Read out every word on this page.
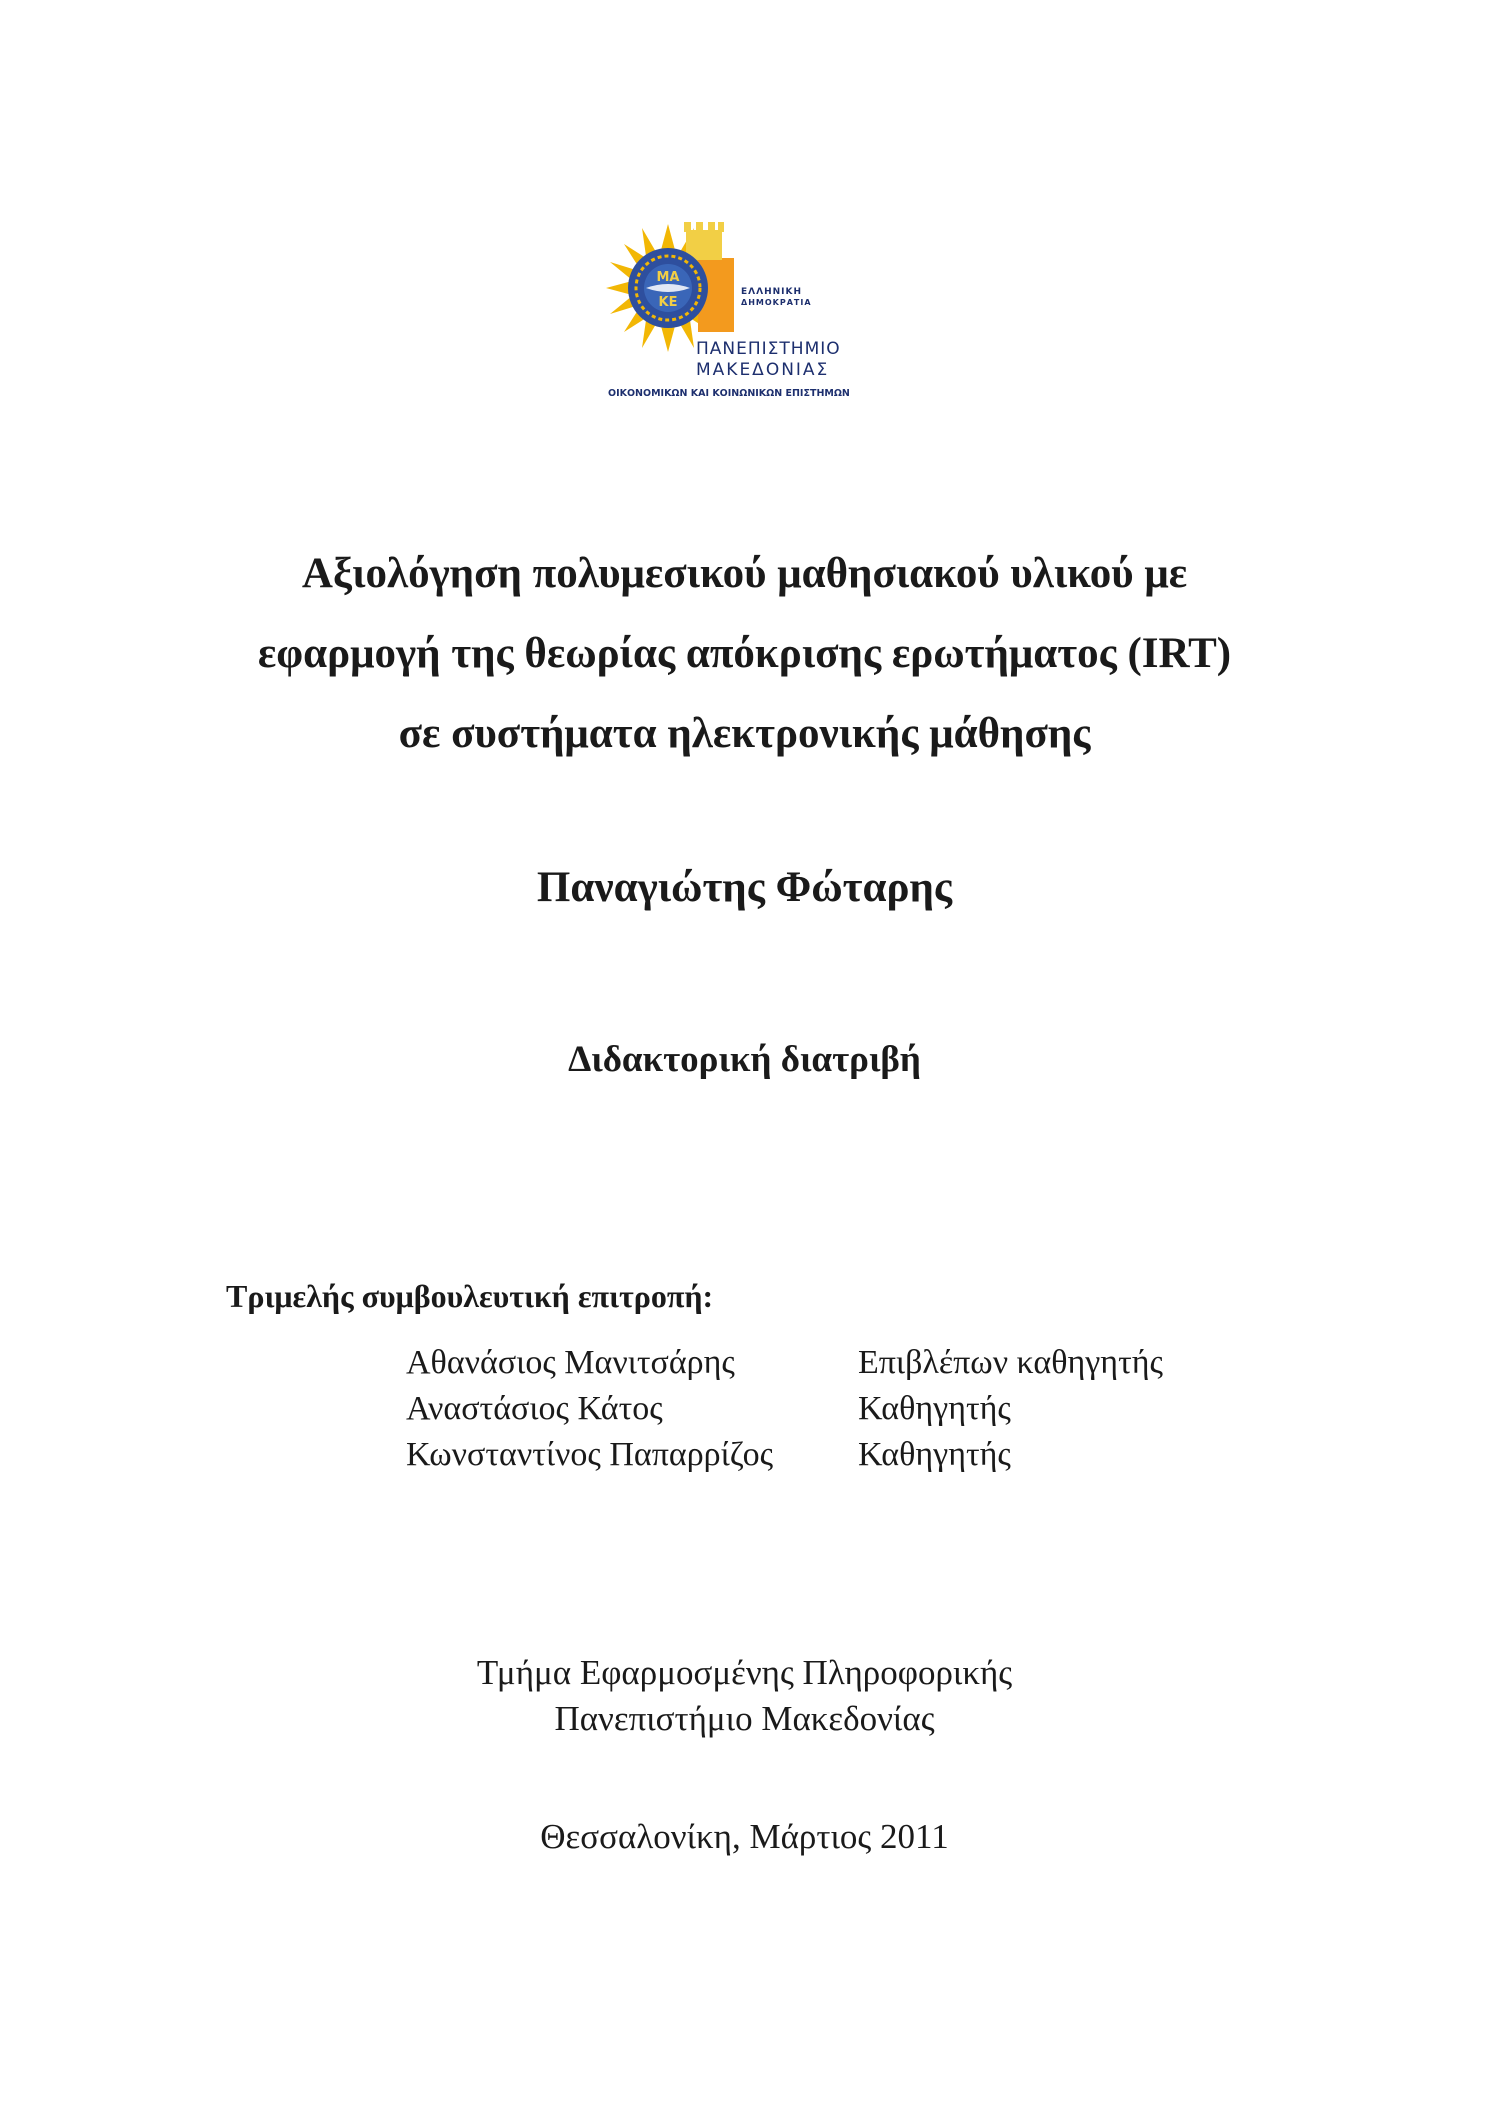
ΜΑ
ΚΕ
ΕΛΛΗΝΙΚΗ
ΔΗΜΟΚΡΑΤΙΑ
ΠΑΝΕΠΙΣΤΗΜΙΟ
ΜΑΚΕΔΟΝΙΑΣ
ΟΙΚΟΝΟΜΙΚΩΝ ΚΑΙ ΚΟΙΝΩΝΙΚΩΝ ΕΠΙΣΤΗΜΩΝ
Αξιολόγηση πολυμεσικού μαθησιακού υλικού με
εφαρμογή της θεωρίας απόκρισης ερωτήματος (IRT)
σε συστήματα ηλεκτρονικής μάθησης
Παναγιώτης Φώταρης
Διδακτορική διατριβή
Τριμελής συμβουλευτική επιτροπή:
Αθανάσιος Μανιτσάρης	Επιβλέπων καθηγητής
Αναστάσιος Κάτος	Καθηγητής
Κωνσταντίνος Παπαρρίζος	Καθηγητής
Τμήμα Εφαρμοσμένης Πληροφορικής
Πανεπιστήμιο Μακεδονίας
Θεσσαλονίκη, Μάρτιος 2011
